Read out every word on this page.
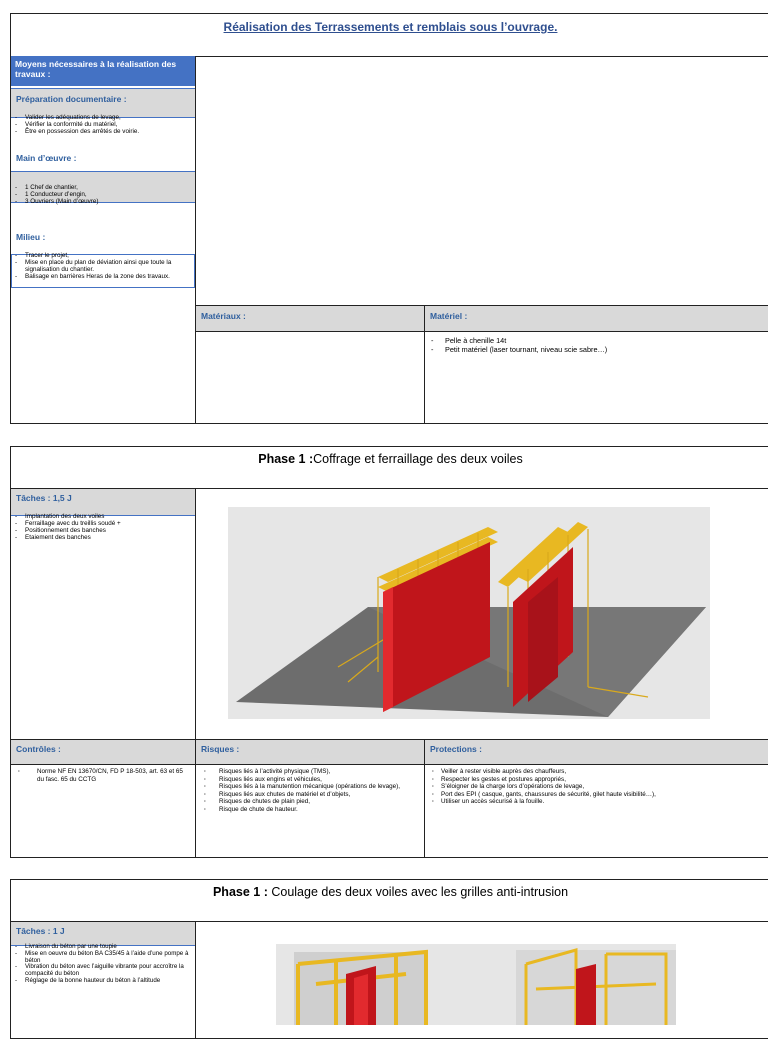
Réalisation des Terrassements et remblais sous l’ouvrage.
Moyens nécessaires à la réalisation des travaux :
Préparation documentaire :
- Valider les adéquations de levage,
- Vérifier la conformité du matériel,
- Être en possession des arrêtés de voirie.
Main d’œuvre :
- 1 Chef de chantier,
- 1 Conducteur d’engin,
- 3 Ouvriers (Main d’œuvre)
Milieu :
- Tracer le projet,
- Mise en place du plan de déviation ainsi que toute la signalisation du chantier.
- Balisage en barrières Heras de la zone des travaux.
Matériaux :	Matériel :
- Pelle à chenille 14t
- Petit matériel (laser tournant, niveau scie sabre…)
Phase 1 :Coffrage et ferraillage des deux voiles
Tâches : 1,5 J
- Implantation des deux voiles
- Ferraillage avec du treillis soudé +
- Positionnement des banches
- Etaiement des banches
Contrôles :	Risques :	Protections :
· Norme NF EN 13670/CN, FD P 18-503, art. 63 et 65 du fasc. 65 du CCTG
· Risques liés à l’activité physique (TMS),
· Risques liés aux engins et véhicules,
· Risques liés à la manutention mécanique (opérations de levage),
· Risques liés aux chutes de matériel et d’objets,
· Risques de chutes de plain pied,
· Risque de chute de hauteur.
· Veiller à rester visible auprès des chauffeurs,
· Respecter les gestes et postures appropriés,
· S’éloigner de la charge lors d’opérations de levage,
· Port des EPI ( casque, gants, chaussures de sécurité, gilet haute visibilité…),
· Utiliser un accès sécurisé à la fouille.
Phase 1 : Coulage des deux voiles avec les grilles anti-intrusion
Tâches : 1 J
- Livraison du béton par une toupie
- Mise en oeuvre du béton BA C35/45 à l’aide d’une pompe à béton
- Vibration du béton avec l’aiguille vibrante pour accroître la compacité du béton
- Réglage de la bonne hauteur du béton à l’altitude
